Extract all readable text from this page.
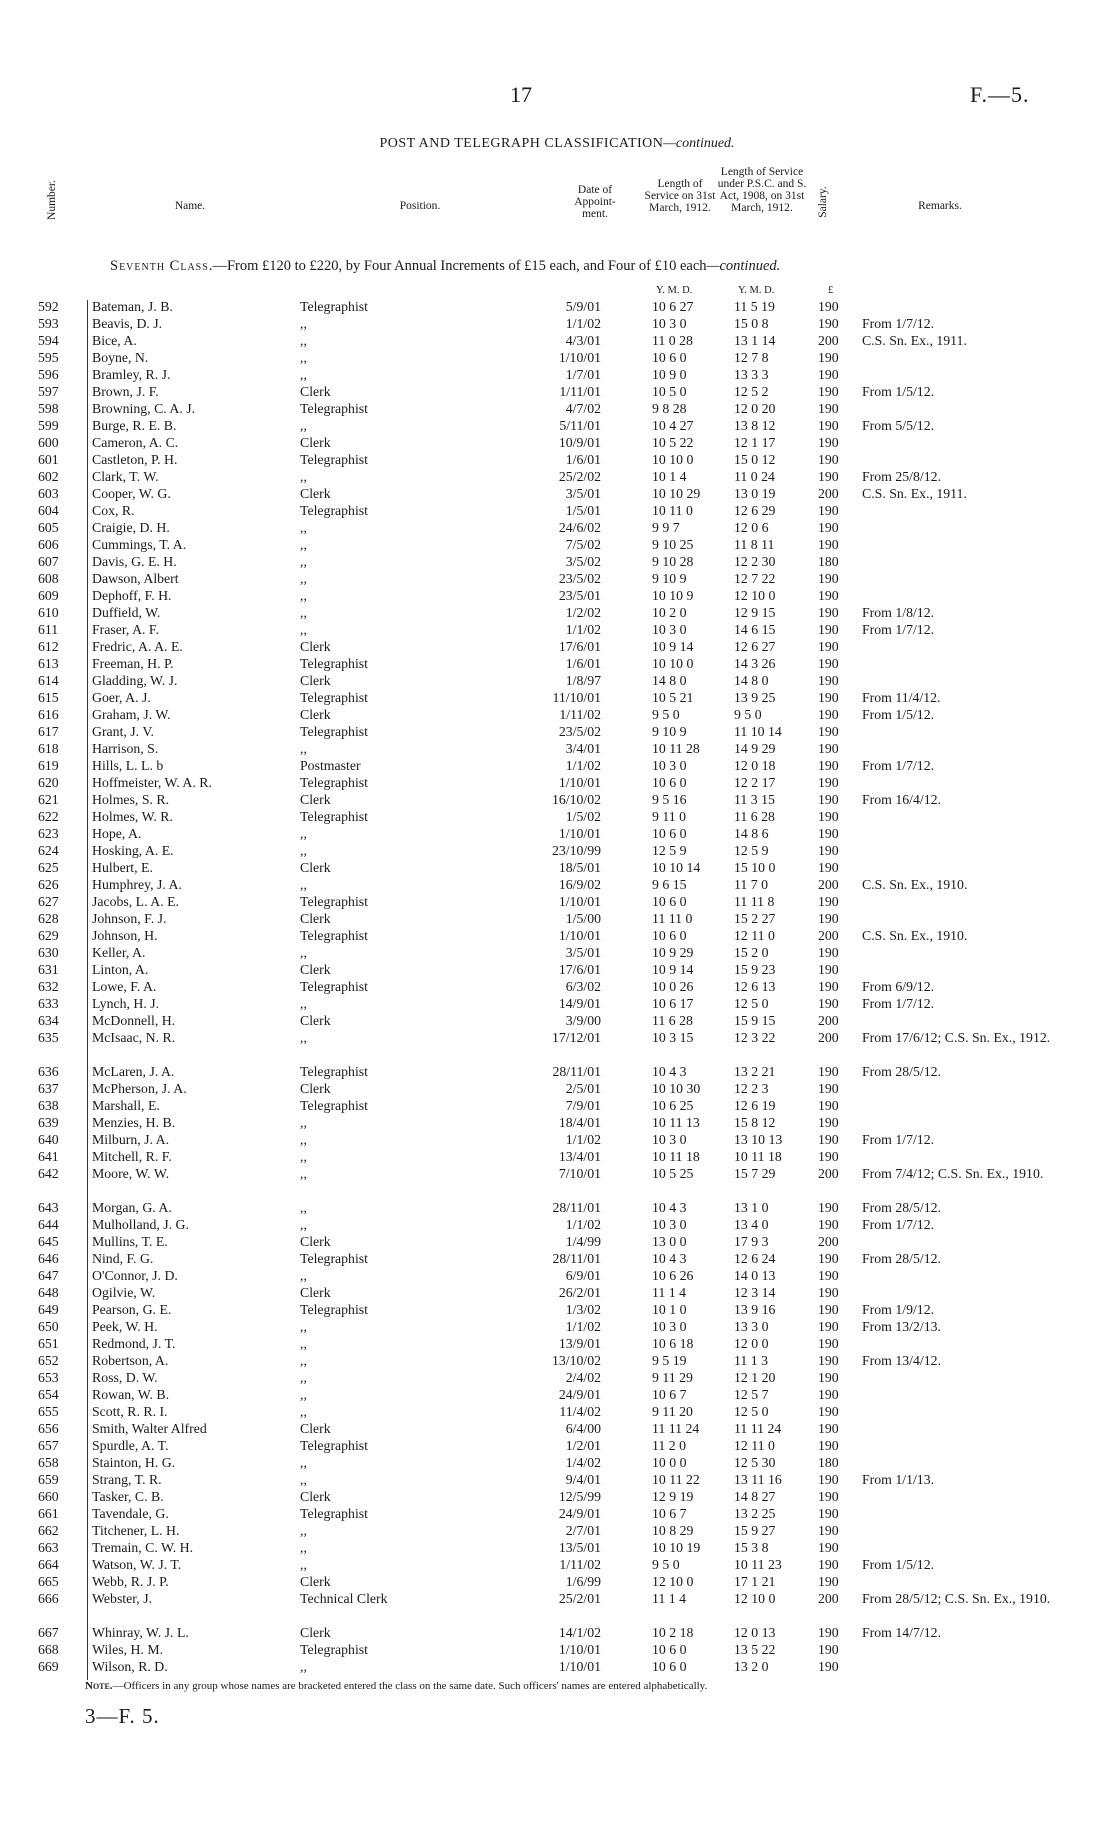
17	F.—5.
POST AND TELEGRAPH CLASSIFICATION—continued.
Number.	Name.	Position.
Date of Appoint- ment.
Length of Service on 31st March, 1912.
Length of Service under P.S.C. and S. Act, 1908, on 31st March, 1912.	Salary.	Remarks.
Seventh Class.—From £120 to £220, by Four Annual Increments of £15 each, and Four of £10 each—continued.
Y. M. D.	Y. M. D.	£
592	Bateman, J. B.	Telegraphist	5/9/01	10 6 27	11 5 19	190
593	Beavis, D. J.	,,	1/1/02	10 3 0	15 0 8	190	From 1/7/12.
594	Bice, A.	,,	4/3/01	11 0 28	13 1 14	200	C.S. Sn. Ex., 1911.
595	Boyne, N.	,,	1/10/01	10 6 0	12 7 8	190
596	Bramley, R. J.	,,	1/7/01	10 9 0	13 3 3	190
597	Brown, J. F.	Clerk	1/11/01	10 5 0	12 5 2	190	From 1/5/12.
598	Browning, C. A. J.	Telegraphist	4/7/02	9 8 28	12 0 20	190
599	Burge, R. E. B.	,,	5/11/01	10 4 27	13 8 12	190	From 5/5/12.
600	Cameron, A. C.	Clerk	10/9/01	10 5 22	12 1 17	190
601	Castleton, P. H.	Telegraphist	1/6/01	10 10 0	15 0 12	190
602	Clark, T. W.	,,	25/2/02	10 1 4	11 0 24	190	From 25/8/12.
603	Cooper, W. G.	Clerk	3/5/01	10 10 29	13 0 19	200	C.S. Sn. Ex., 1911.
604	Cox, R.	Telegraphist	1/5/01	10 11 0	12 6 29	190
605	Craigie, D. H.	,,	24/6/02	9 9 7	12 0 6	190
606	Cummings, T. A.	,,	7/5/02	9 10 25	11 8 11	190
607	Davis, G. E. H.	,,	3/5/02	9 10 28	12 2 30	180
608	Dawson, Albert	,,	23/5/02	9 10 9	12 7 22	190
609	Dephoff, F. H.	,,	23/5/01	10 10 9	12 10 0	190
610	Duffield, W.	,,	1/2/02	10 2 0	12 9 15	190	From 1/8/12.
611	Fraser, A. F.	,,	1/1/02	10 3 0	14 6 15	190	From 1/7/12.
612	Fredric, A. A. E.	Clerk	17/6/01	10 9 14	12 6 27	190
613	Freeman, H. P.	Telegraphist	1/6/01	10 10 0	14 3 26	190
614	Gladding, W. J.	Clerk	1/8/97	14 8 0	14 8 0	190
615	Goer, A. J.	Telegraphist	11/10/01	10 5 21	13 9 25	190	From 11/4/12.
616	Graham, J. W.	Clerk	1/11/02	9 5 0	9 5 0	190	From 1/5/12.
617	Grant, J. V.	Telegraphist	23/5/02	9 10 9	11 10 14	190
618	Harrison, S.	,,	3/4/01	10 11 28	14 9 29	190
619	Hills, L. L. b	Postmaster	1/1/02	10 3 0	12 0 18	190	From 1/7/12.
620	Hoffmeister, W. A. R.	Telegraphist	1/10/01	10 6 0	12 2 17	190
621	Holmes, S. R.	Clerk	16/10/02	9 5 16	11 3 15	190	From 16/4/12.
622	Holmes, W. R.	Telegraphist	1/5/02	9 11 0	11 6 28	190
623	Hope, A.	,,	1/10/01	10 6 0	14 8 6	190
624	Hosking, A. E.	,,	23/10/99	12 5 9	12 5 9	190
625	Hulbert, E.	Clerk	18/5/01	10 10 14	15 10 0	190
626	Humphrey, J. A.	,,	16/9/02	9 6 15	11 7 0	200	C.S. Sn. Ex., 1910.
627	Jacobs, L. A. E.	Telegraphist	1/10/01	10 6 0	11 11 8	190
628	Johnson, F. J.	Clerk	1/5/00	11 11 0	15 2 27	190
629	Johnson, H.	Telegraphist	1/10/01	10 6 0	12 11 0	200	C.S. Sn. Ex., 1910.
630	Keller, A.	,,	3/5/01	10 9 29	15 2 0	190
631	Linton, A.	Clerk	17/6/01	10 9 14	15 9 23	190
632	Lowe, F. A.	Telegraphist	6/3/02	10 0 26	12 6 13	190	From 6/9/12.
633	Lynch, H. J.	,,	14/9/01	10 6 17	12 5 0	190	From 1/7/12.
634	McDonnell, H.	Clerk	3/9/00	11 6 28	15 9 15	200
635	McIsaac, N. R.	,,	17/12/01	10 3 15	12 3 22	200	From 17/6/12; C.S. Sn. Ex., 1912.
636	McLaren, J. A.	Telegraphist	28/11/01	10 4 3	13 2 21	190	From 28/5/12.
637	McPherson, J. A.	Clerk	2/5/01	10 10 30	12 2 3	190
638	Marshall, E.	Telegraphist	7/9/01	10 6 25	12 6 19	190
639	Menzies, H. B.	,,	18/4/01	10 11 13	15 8 12	190
640	Milburn, J. A.	,,	1/1/02	10 3 0	13 10 13	190	From 1/7/12.
641	Mitchell, R. F.	,,	13/4/01	10 11 18	10 11 18	190
642	Moore, W. W.	,,	7/10/01	10 5 25	15 7 29	200	From 7/4/12; C.S. Sn. Ex., 1910.
643	Morgan, G. A.	,,	28/11/01	10 4 3	13 1 0	190	From 28/5/12.
644	Mulholland, J. G.	,,	1/1/02	10 3 0	13 4 0	190	From 1/7/12.
645	Mullins, T. E.	Clerk	1/4/99	13 0 0	17 9 3	200
646	Nind, F. G.	Telegraphist	28/11/01	10 4 3	12 6 24	190	From 28/5/12.
647	O'Connor, J. D.	,,	6/9/01	10 6 26	14 0 13	190
648	Ogilvie, W.	Clerk	26/2/01	11 1 4	12 3 14	190
649	Pearson, G. E.	Telegraphist	1/3/02	10 1 0	13 9 16	190	From 1/9/12.
650	Peek, W. H.	,,	1/1/02	10 3 0	13 3 0	190	From 13/2/13.
651	Redmond, J. T.	,,	13/9/01	10 6 18	12 0 0	190
652	Robertson, A.	,,	13/10/02	9 5 19	11 1 3	190	From 13/4/12.
653	Ross, D. W.	,,	2/4/02	9 11 29	12 1 20	190
654	Rowan, W. B.	,,	24/9/01	10 6 7	12 5 7	190
655	Scott, R. R. I.	,,	11/4/02	9 11 20	12 5 0	190
656	Smith, Walter Alfred	Clerk	6/4/00	11 11 24	11 11 24	190
657	Spurdle, A. T.	Telegraphist	1/2/01	11 2 0	12 11 0	190
658	Stainton, H. G.	,,	1/4/02	10 0 0	12 5 30	180
659	Strang, T. R.	,,	9/4/01	10 11 22	13 11 16	190	From 1/1/13.
660	Tasker, C. B.	Clerk	12/5/99	12 9 19	14 8 27	190
661	Tavendale, G.	Telegraphist	24/9/01	10 6 7	13 2 25	190
662	Titchener, L. H.	,,	2/7/01	10 8 29	15 9 27	190
663	Tremain, C. W. H.	,,	13/5/01	10 10 19	15 3 8	190
664	Watson, W. J. T.	,,	1/11/02	9 5 0	10 11 23	190	From 1/5/12.
665	Webb, R. J. P.	Clerk	1/6/99	12 10 0	17 1 21	190
666	Webster, J.	Technical Clerk	25/2/01	11 1 4	12 10 0	200	From 28/5/12; C.S. Sn. Ex., 1910.
667	Whinray, W. J. L.	Clerk	14/1/02	10 2 18	12 0 13	190	From 14/7/12.
668	Wiles, H. M.	Telegraphist	1/10/01	10 6 0	13 5 22	190
669	Wilson, R. D.	,,	1/10/01	10 6 0	13 2 0	190
Note.—Officers in any group whose names are bracketed entered the class on the same date. Such officers' names are entered alphabetically.
3—F. 5.
